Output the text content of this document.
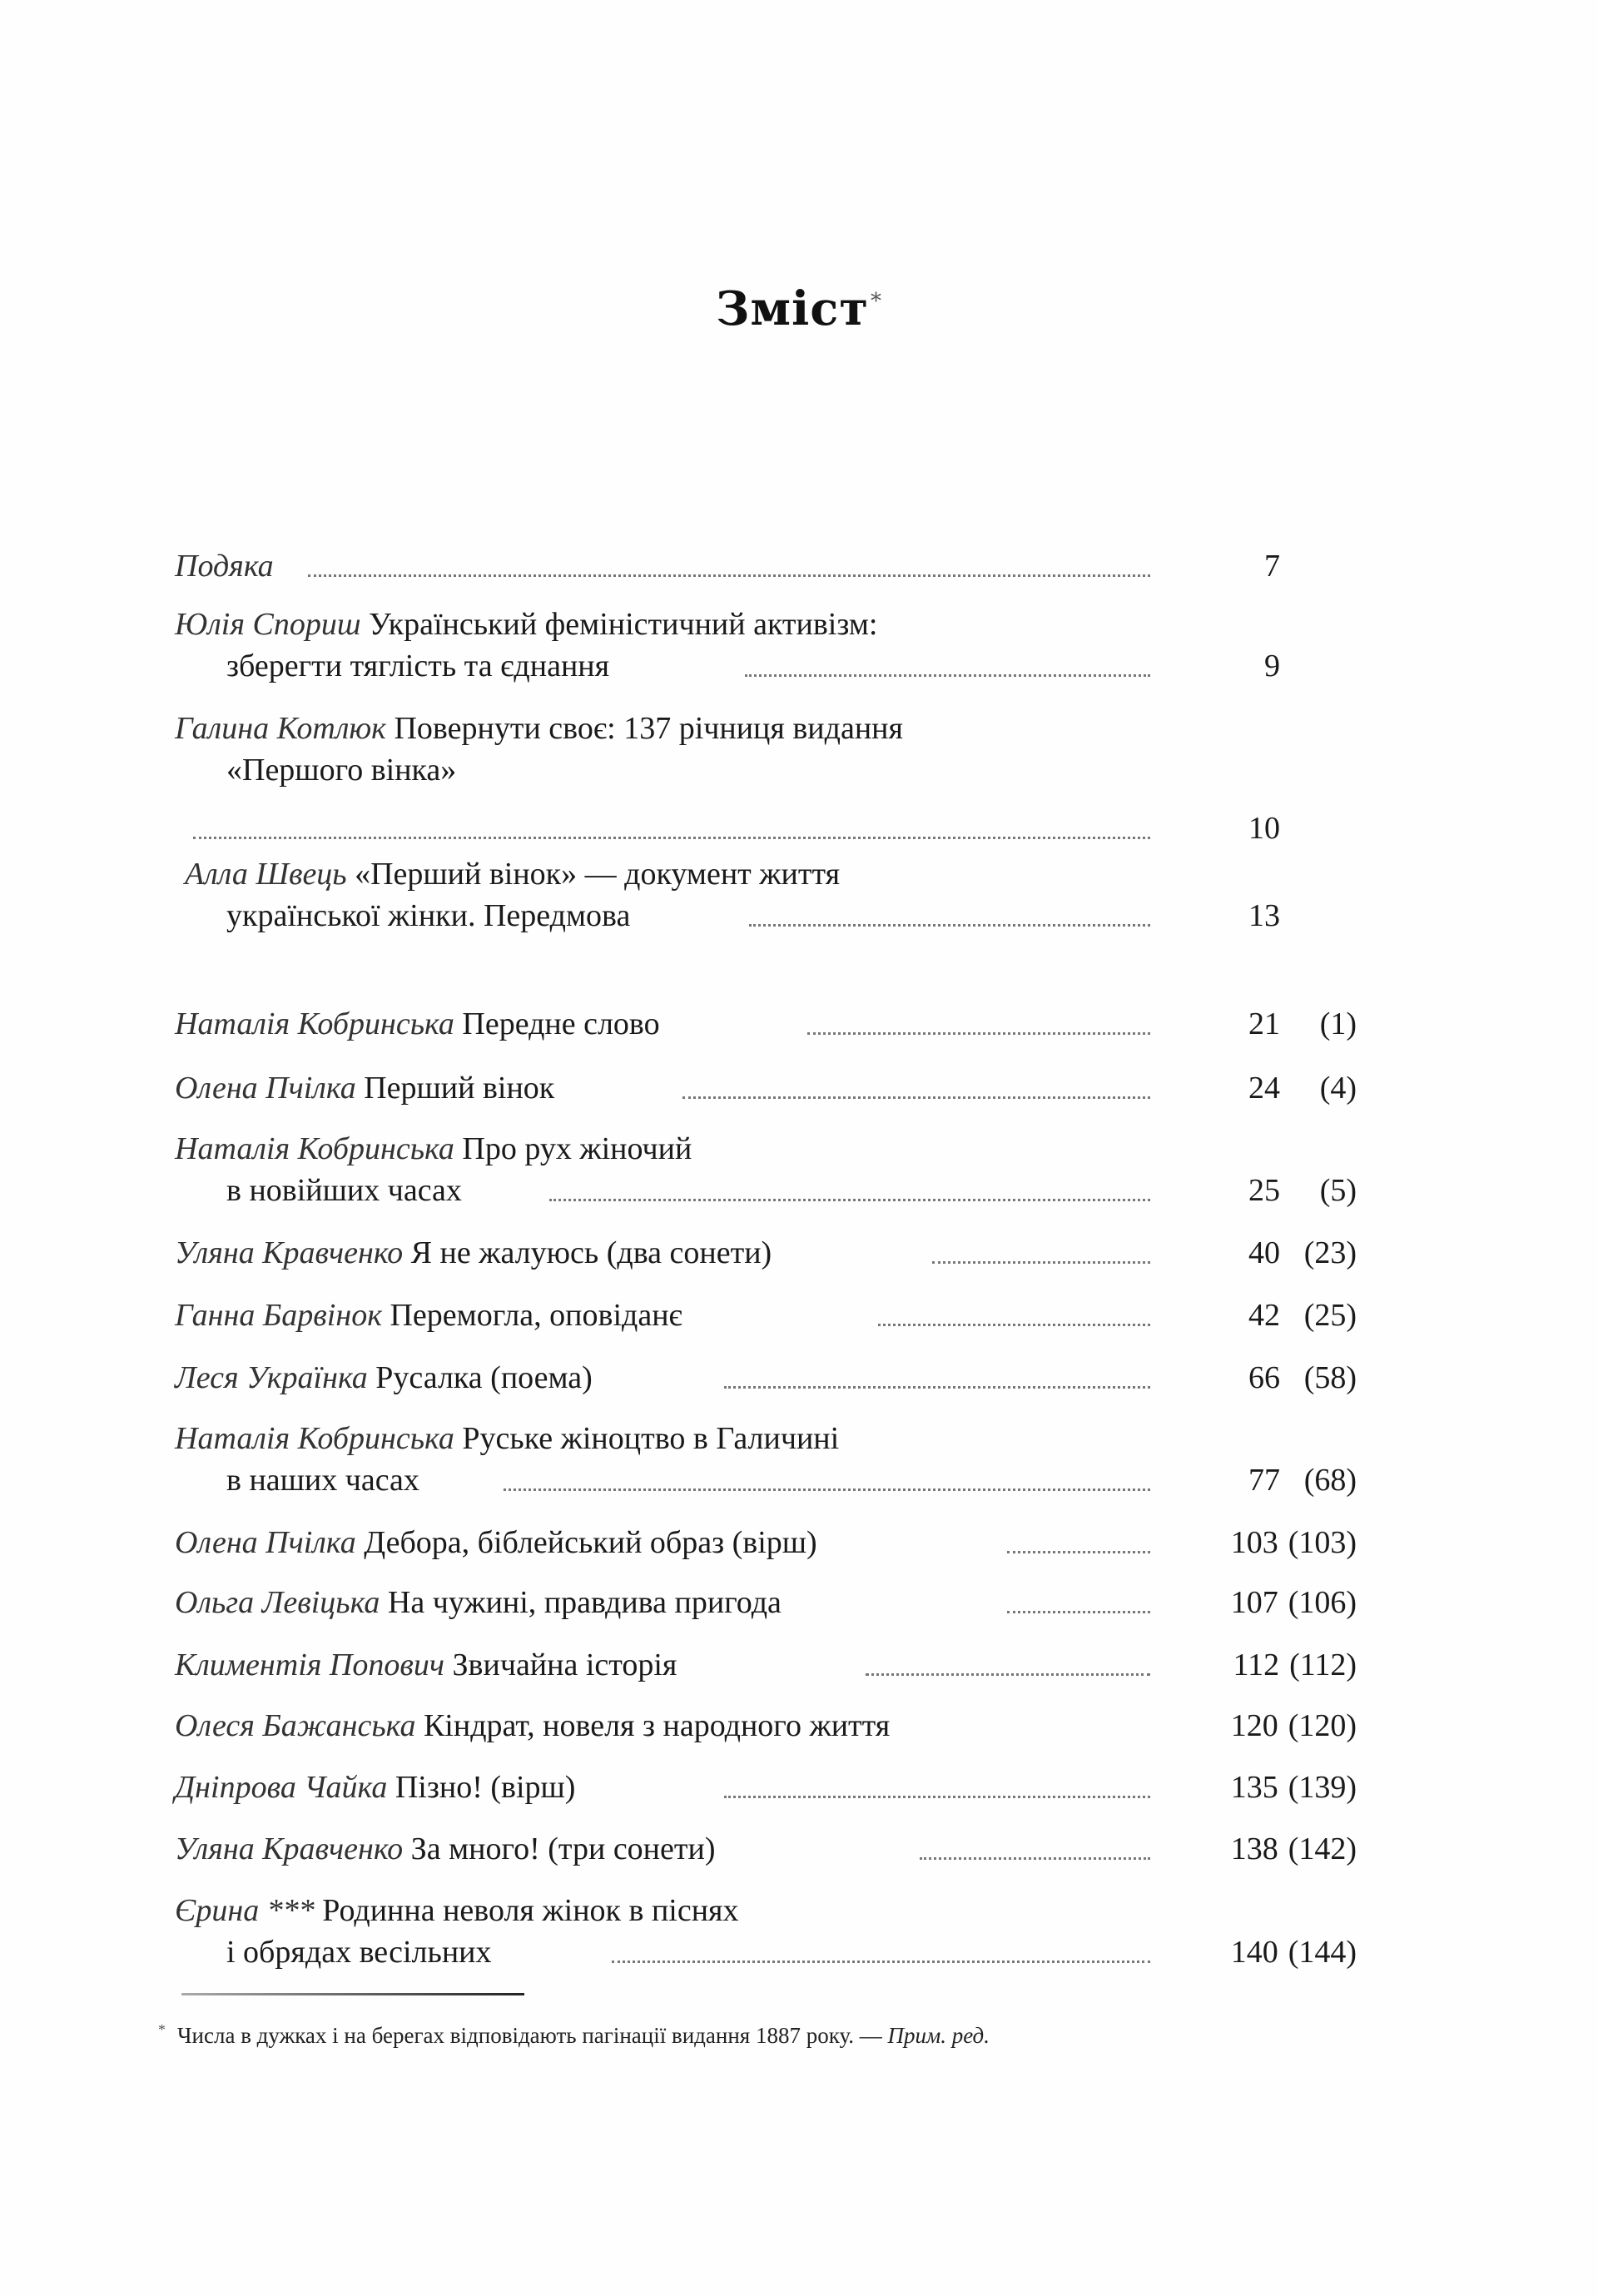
Зміст*
Подяка	7
Юлія Спориш Український феміністичний активізм:
зберегти тяглість та єднання	9
Галина Котлюк Повернути своє: 137 річниця видання
«Першого вінка»
10
Алла Швець «Перший вінок» — документ життя
української жінки. Передмова	13
Наталія Кобринська Передне слово	21 (1)
Олена Пчілка Перший вінок	24 (4)
Наталія Кобринська Про рух жіночий
в новійших часах	25 (5)
Уляна Кравченко Я не жалуюсь (два сонети)	40 (23)
Ганна Барвінок Перемогла, оповіданє	42 (25)
Леся Українка Русалка (поема)	66 (58)
Наталія Кобринська Руське жіноцтво в Галичині
в наших часах	77 (68)
Олена Пчілка Дебора, біблейський образ (вірш)	103 (103)
Ольга Левіцька На чужині, правдива пригода	107 (106)
Климентія Попович Звичайна історія	112 (112)
Олеся Бажанська Кіндрат, новеля з народного життя	120 (120)
Дніпрова Чайка Пізно! (вірш)	135 (139)
Уляна Кравченко За много! (три сонети)	138 (142)
Єрина *** Родинна неволя жінок в піснях
і обрядах весільних	140 (144)
* Числа в дужках і на берегах відповідають пагінації видання 1887 року. — Прим. ред.
